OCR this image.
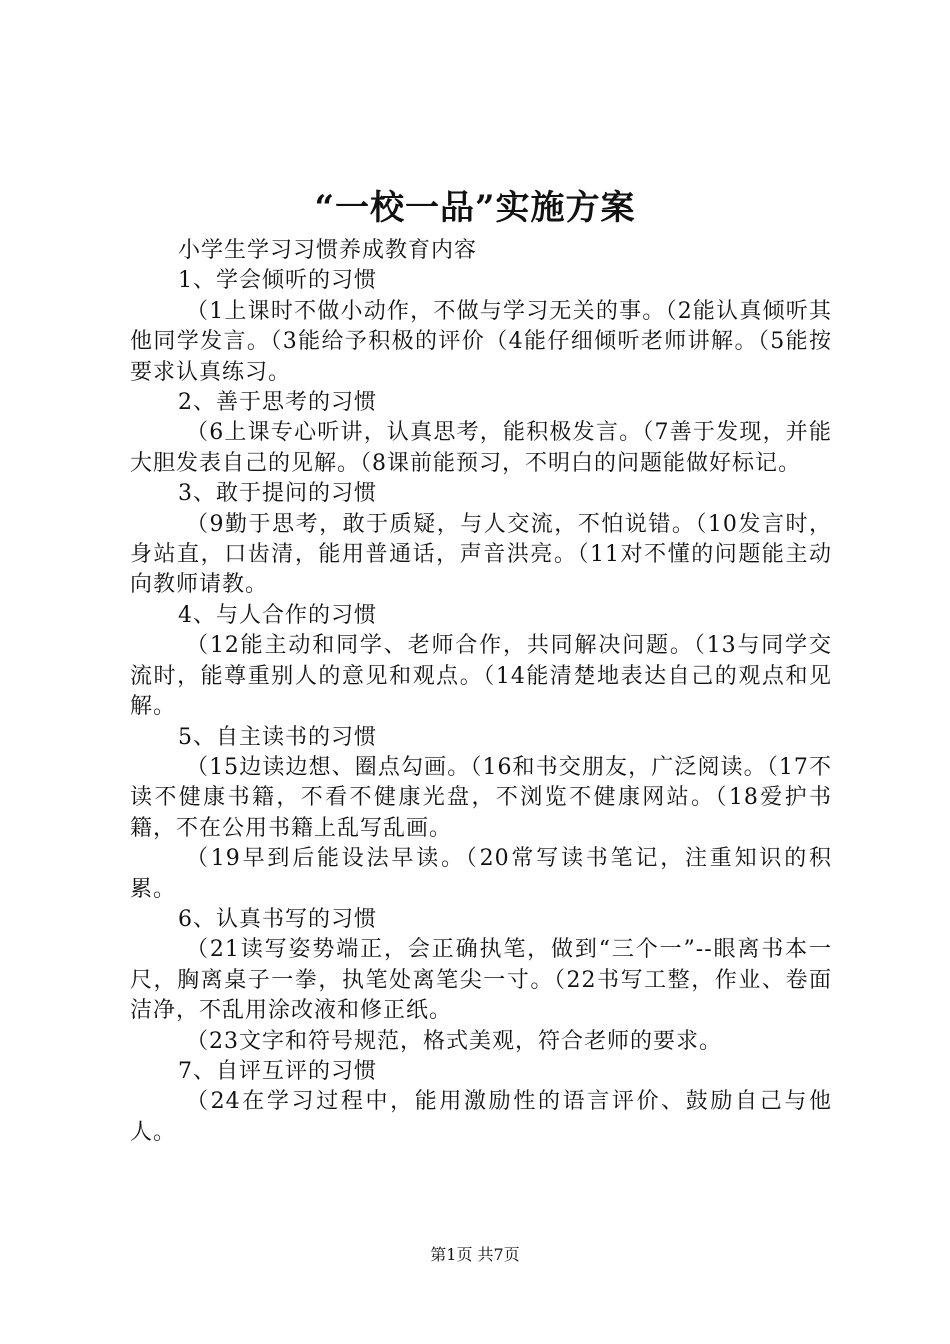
“一校一品”实施方案

小学生学习习惯养成教育内容

1、学会倾听的习惯

（1上课时不做小动作，不做与学习无关的事。（2能认真倾听其他同学发言。（3能给予积极的评价（4能仔细倾听老师讲解。（5能按要求认真练习。

2、善于思考的习惯

（6上课专心听讲，认真思考，能积极发言。（7善于发现，并能大胆发表自己的见解。（8课前能预习，不明白的问题能做好标记。

3、敢于提问的习惯

（9勤于思考，敢于质疑，与人交流，不怕说错。（10发言时，身站直，口齿清，能用普通话，声音洪亮。（11对不懂的问题能主动向教师请教。

4、与人合作的习惯

（12能主动和同学、老师合作，共同解决问题。（13与同学交流时，能尊重别人的意见和观点。（14能清楚地表达自己的观点和见解。

5、自主读书的习惯

（15边读边想、圈点勾画。（16和书交朋友，广泛阅读。（17不读不健康书籍，不看不健康光盘，不浏览不健康网站。（18爱护书籍，不在公用书籍上乱写乱画。

（19早到后能设法早读。（20常写读书笔记，注重知识的积累。

6、认真书写的习惯

（21读写姿势端正，会正确执笔，做到“三个一”--眼离书本一尺，胸离桌子一拳，执笔处离笔尖一寸。（22书写工整，作业、卷面洁净，不乱用涂改液和修正纸。

（23文字和符号规范，格式美观，符合老师的要求。

7、自评互评的习惯

（24在学习过程中，能用激励性的语言评价、鼓励自己与他人。

第1页 共7页
